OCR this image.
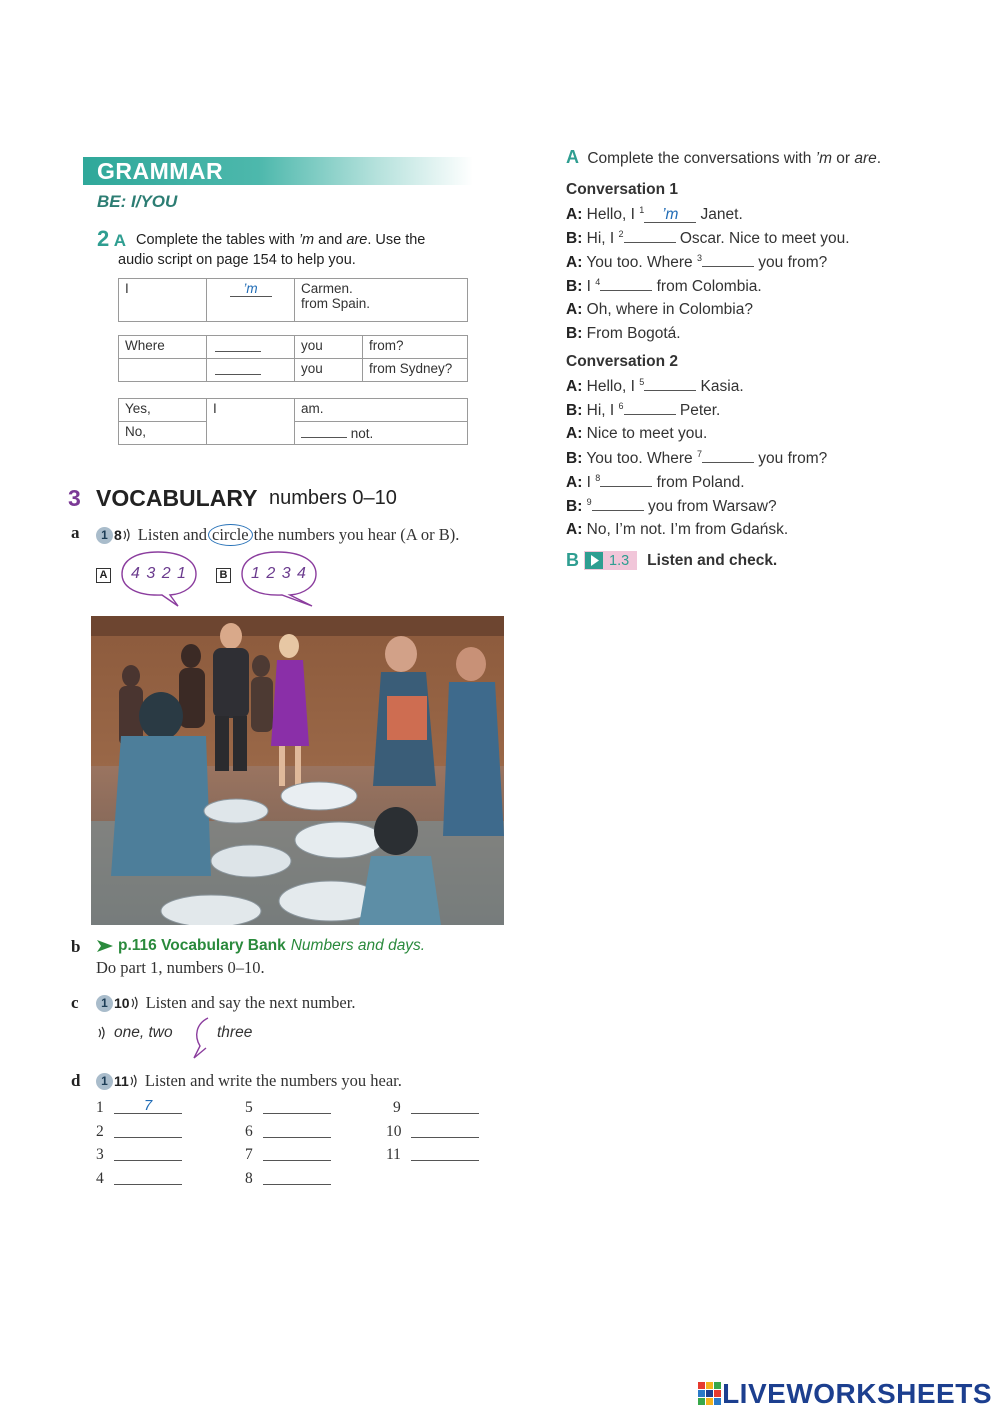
GRAMMAR
BE: I/YOU
2 A Complete the tables with ’m and are. Use the
audio script on page 154 to help you.
I	’m	Carmen.
from Spain.
Where		you	from?
		you	from Sydney?
Yes,	I	am.
No,		not.
3 VOCABULARY numbers 0–10
a	1 8 Listen and circle the numbers you hear (A or B).
A 4 3 2 1	B 1 2 3 4
b p.116 Vocabulary Bank Numbers and days.
Do part 1, numbers 0–10.
c	1 10 Listen and say the next number.
one, two	three
d	1 11 Listen and write the numbers you hear.
1	7
2
3
4
5
6
7
8
9
10
11
A Complete the conversations with ’m or are.
Conversation 1
Conversation 2
A: Hello, I $^1$ ’m Janet.
B: Hi, I $^2$	Oscar. Nice to meet you.
A: You too. Where $^3$	you from?
B: I $^4$	from Colombia.
A: Oh, where in Colombia?
B: From Bogotá.
A: Hello, I $^5$	Kasia.
B: Hi, I $^6$	Peter.
A: Nice to meet you.
B: You too. Where $^7$	you from?
A: I $^8$	from Poland.
B: $^9$	you from Warsaw?
A: No, I’m not. I’m from Gdańsk.
B 1.3 Listen and check.
LIVEWORKSHEETS
